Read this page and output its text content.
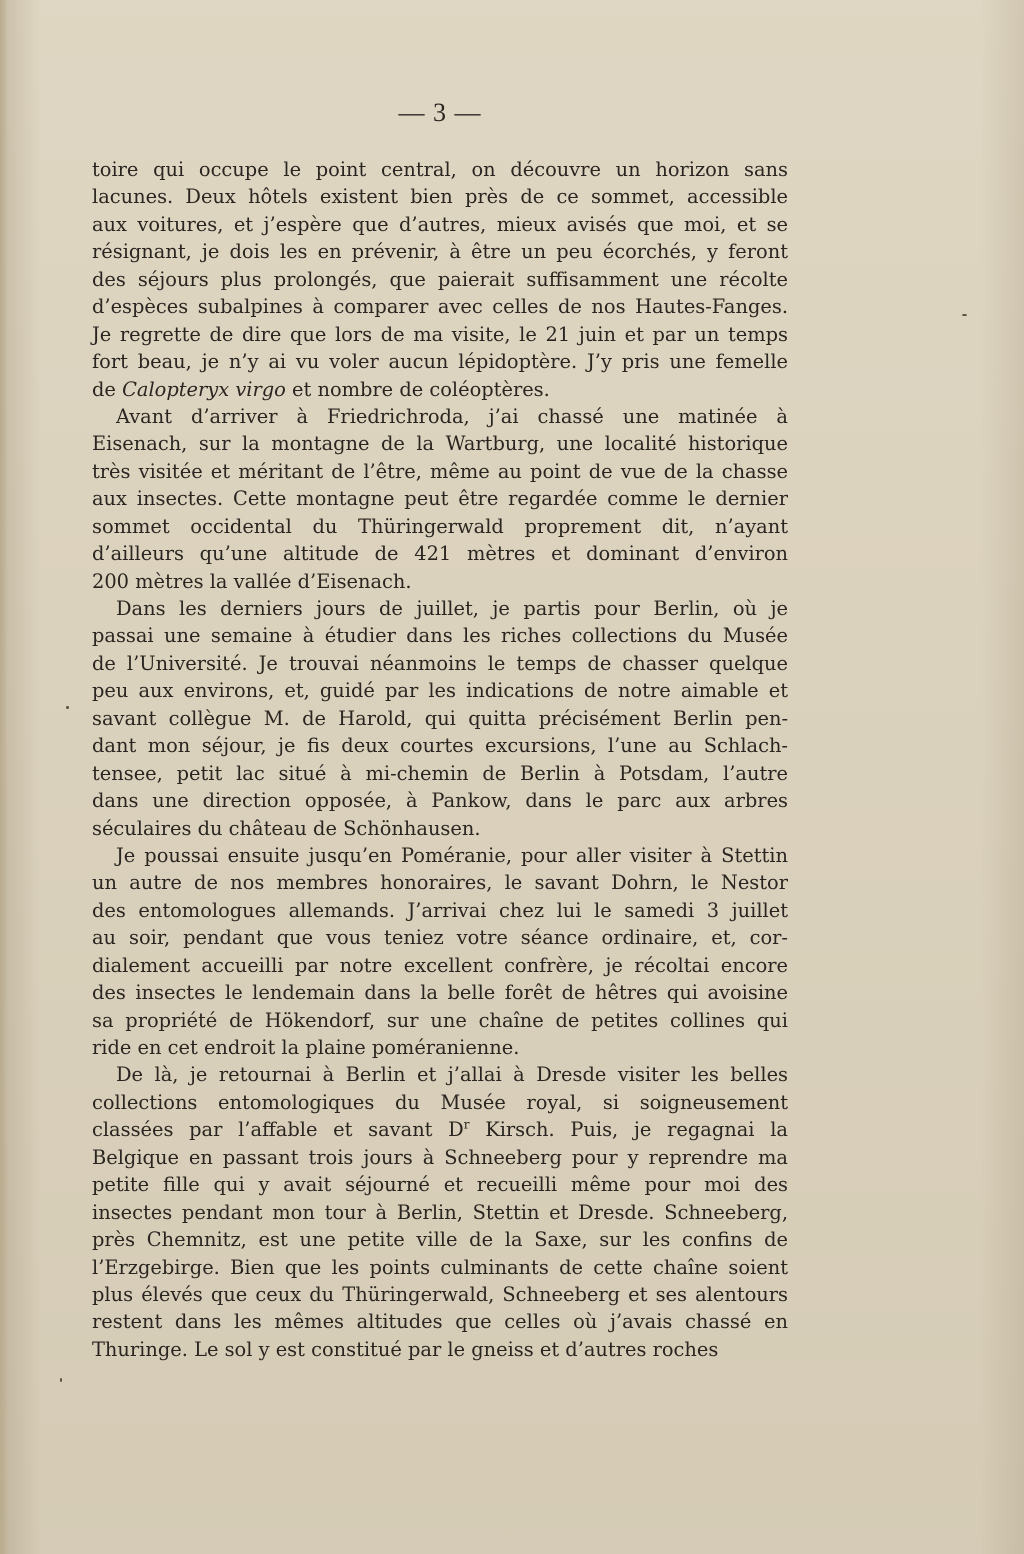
— 3 —
toire qui occupe le point central, on découvre un horizon sans
lacunes. Deux hôtels existent bien près de ce sommet, accessible
aux voitures, et j’espère que d’autres, mieux avisés que moi, et se
résignant, je dois les en prévenir, à être un peu écorchés, y feront
des séjours plus prolongés, que paierait suffisamment une récolte
d’espèces subalpines à comparer avec celles de nos Hautes-Fanges.
Je regrette de dire que lors de ma visite, le 21 juin et par un temps
fort beau, je n’y ai vu voler aucun lépidoptère. J’y pris une femelle
de Calopteryx virgo et nombre de coléoptères.
Avant d’arriver à Friedrichroda, j’ai chassé une matinée à
Eisenach, sur la montagne de la Wartburg, une localité historique
très visitée et méritant de l’être, même au point de vue de la chasse
aux insectes. Cette montagne peut être regardée comme le dernier
sommet occidental du Thüringerwald proprement dit, n’ayant
d’ailleurs qu’une altitude de 421 mètres et dominant d’environ
200 mètres la vallée d’Eisenach.
Dans les derniers jours de juillet, je partis pour Berlin, où je
passai une semaine à étudier dans les riches collections du Musée
de l’Université. Je trouvai néanmoins le temps de chasser quelque
peu aux environs, et, guidé par les indications de notre aimable et
savant collègue M. de Harold, qui quitta précisément Berlin pen-
dant mon séjour, je fis deux courtes excursions, l’une au Schlach-
tensee, petit lac situé à mi-chemin de Berlin à Potsdam, l’autre
dans une direction opposée, à Pankow, dans le parc aux arbres
séculaires du château de Schönhausen.
Je poussai ensuite jusqu’en Poméranie, pour aller visiter à Stettin
un autre de nos membres honoraires, le savant Dohrn, le Nestor
des entomologues allemands. J’arrivai chez lui le samedi 3 juillet
au soir, pendant que vous teniez votre séance ordinaire, et, cor-
dialement accueilli par notre excellent confrère, je récoltai encore
des insectes le lendemain dans la belle forêt de hêtres qui avoisine
sa propriété de Hökendorf, sur une chaîne de petites collines qui
ride en cet endroit la plaine poméranienne.
De là, je retournai à Berlin et j’allai à Dresde visiter les belles
collections entomologiques du Musée royal, si soigneusement
classées par l’affable et savant $D^r$ Kirsch. Puis, je regagnai la
Belgique en passant trois jours à Schneeberg pour y reprendre ma
petite fille qui y avait séjourné et recueilli même pour moi des
insectes pendant mon tour à Berlin, Stettin et Dresde. Schneeberg,
près Chemnitz, est une petite ville de la Saxe, sur les confins de
l’Erzgebirge. Bien que les points culminants de cette chaîne soient
plus élevés que ceux du Thüringerwald, Schneeberg et ses alentours
restent dans les mêmes altitudes que celles où j’avais chassé en
Thuringe. Le sol y est constitué par le gneiss et d’autres roches
